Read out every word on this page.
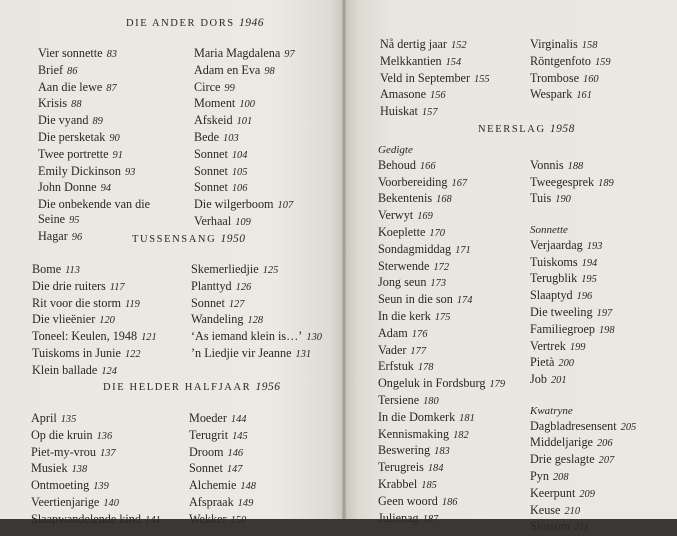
DIE ANDER DORS 1946
Vier sonnette 83
Brief 86
Aan die lewe 87
Krisis 88
Die vyand 89
Die persketak 90
Twee portrette 91
Emily Dickinson 93
John Donne 94
Die onbekende van die
Seine 95
Hagar 96
Maria Magdalena 97
Adam en Eva 98
Circe 99
Moment 100
Afskeid 101
Bede 103
Sonnet 104
Sonnet 105
Sonnet 106
Die wilgerboom 107
Verhaal 109
TUSSENSANG 1950
Bome 113
Die drie ruiters 117
Rit voor die storm 119
Die vlieënier 120
Toneel: Keulen, 1948 121
Tuiskoms in Junie 122
Klein ballade 124
Skemerliedjie 125
Planttyd 126
Sonnet 127
Wandeling 128
‘As iemand klein is…’ 130
’n Liedjie vir Jeanne 131
DIE HELDER HALFJAAR 1956
April 135
Op die kruin 136
Piet-my-vrou 137
Musiek 138
Ontmoeting 139
Veertienjarige 140
Slaapwandelende kind 141
Moeder 144
Terugrit 145
Droom 146
Sonnet 147
Alchemie 148
Afspraak 149
Wekker 150
Nå dertig jaar 152
Melkkantien 154
Veld in September 155
Amasone 156
Huiskat 157
Virginalis 158
Röntgenfoto 159
Trombose 160
Wespark 161
NEERSLAG 1958
Gedigte
Behoud 166
Voorbereiding 167
Bekentenis 168
Verwyt 169
Koeplette 170
Sondagmiddag 171
Sterwende 172
Jong seun 173
Seun in die son 174
In die kerk 175
Adam 176
Vader 177
Erfstuk 178
Ongeluk in Fordsburg 179
Tersiene 180
In die Domkerk 181
Kennismaking 182
Beswering 183
Terugreis 184
Krabbel 185
Geen woord 186
Julienag 187
Vonnis 188
Tweegesprek 189
Tuis 190
Sonnette
Verjaardag 193
Tuiskoms 194
Terugblik 195
Slaaptyd 196
Die tweeling 197
Familiegroep 198
Vertrek 199
Pietà 200
Job 201
Kwatryne
Dagbladresensent 205
Middeljarige 206
Drie geslagte 207
Pyn 208
Keerpunt 209
Keuse 210
Slotsom 211
